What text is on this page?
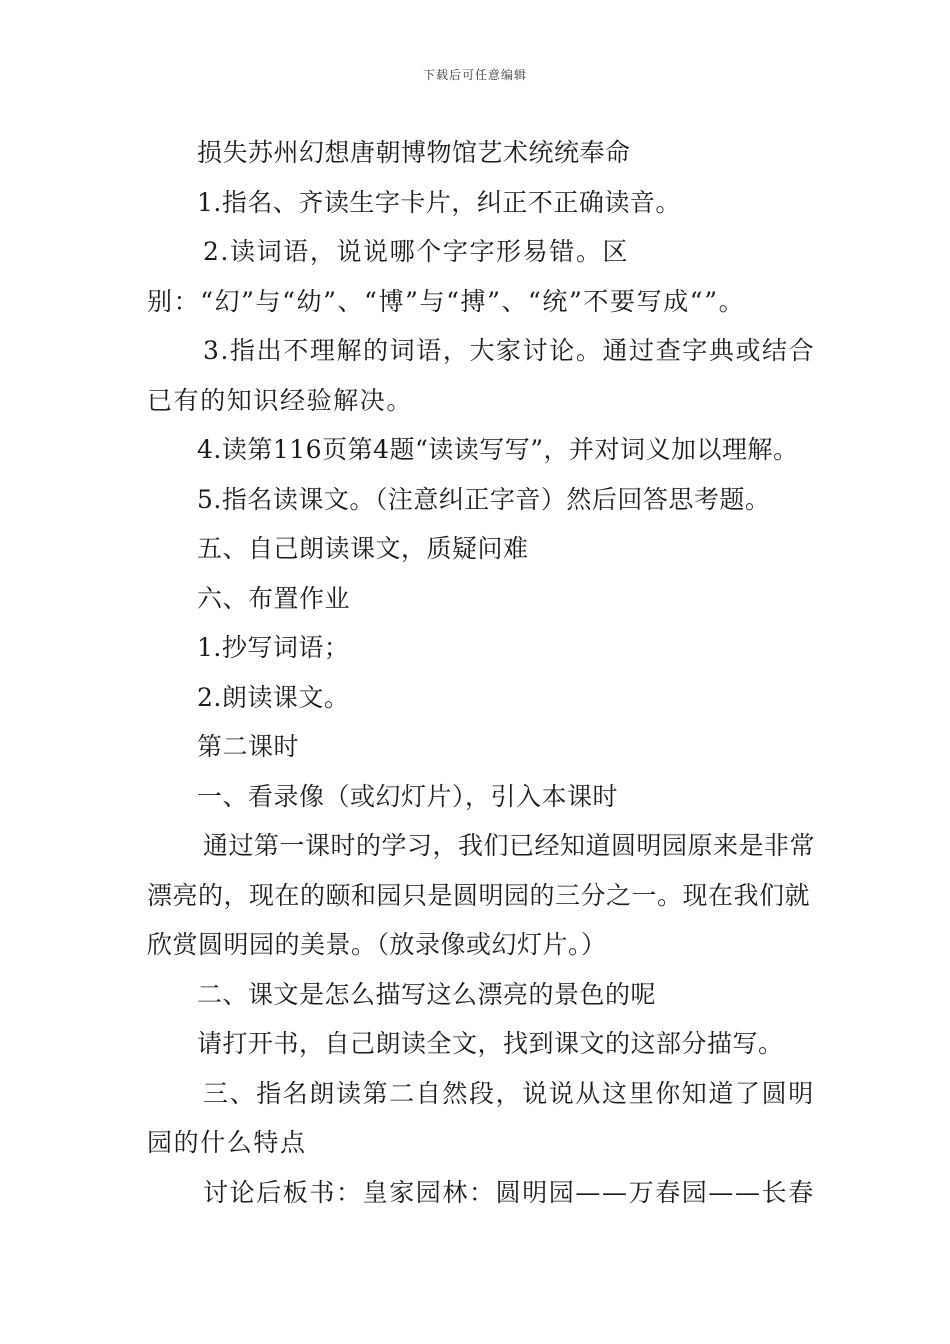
下载后可任意编辑

损失苏州幻想唐朝博物馆艺术统统奉命

1.指名、齐读生字卡片，纠正不正确读音。

2.读词语，说说哪个字字形易错。区别：“幻”与“幼”、“博”与“搏”、“统”不要写成“”。

3.指出不理解的词语，大家讨论。通过查字典或结合已有的知识经验解决。

4.读第116页第4题“读读写写”，并对词义加以理解。

5.指名读课文。（注意纠正字音）然后回答思考题。

五、自己朗读课文，质疑问难

六、布置作业

1.抄写词语；

2.朗读课文。

第二课时

一、看录像（或幻灯片），引入本课时

通过第一课时的学习，我们已经知道圆明园原来是非常漂亮的，现在的颐和园只是圆明园的三分之一。现在我们就欣赏圆明园的美景。（放录像或幻灯片。）

二、课文是怎么描写这么漂亮的景色的呢

请打开书，自己朗读全文，找到课文的这部分描写。

三、指名朗读第二自然段，说说从这里你知道了圆明园的什么特点

讨论后板书：皇家园林：圆明园——万春园——长春
